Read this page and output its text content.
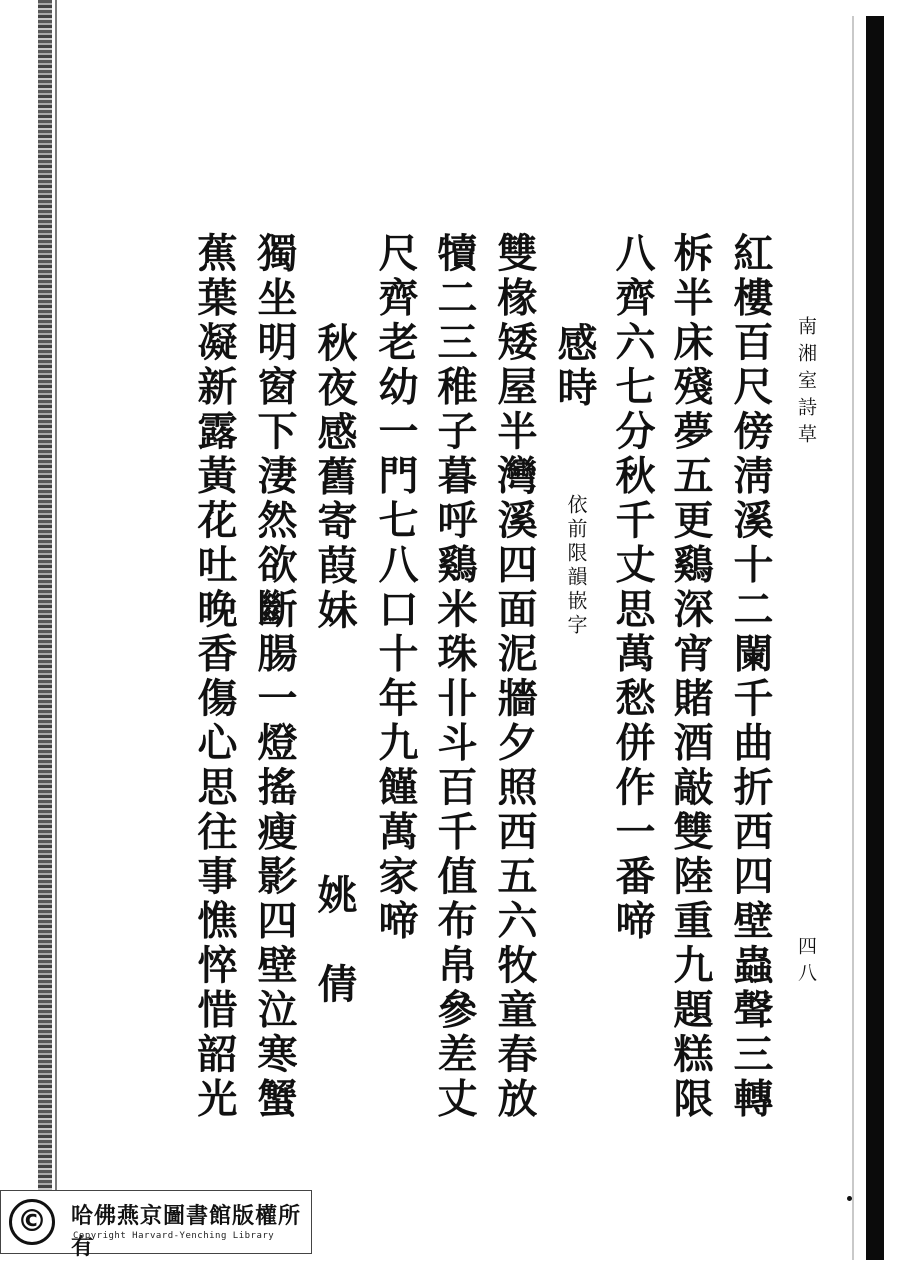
南湘室詩草
四八
紅樓百尺傍淸溪十二闌千曲折西四壁蟲聲三轉
柝半床殘夢五更鷄深宵賭酒敲雙陸重九題糕限
八齊六七分秋千丈思萬愁併作一番啼
感時
依前限韻嵌字
雙椽矮屋半灣溪四面泥牆夕照西五六牧童春放
犢二三稚子暮呼鷄米珠卝斗百千值布帛參差丈
尺齊老幼一門七八口十年九饉萬家啼
秋夜感舊寄葭妹
姚　倩
獨坐明窗下淒然欲斷腸一燈搖瘦影四壁泣寒蟹
蕉葉凝新露黃花吐晚香傷心思往事憔悴惜韶光
©	哈佛燕京圖書館版權所有
Copyright Harvard-Yenching Library
